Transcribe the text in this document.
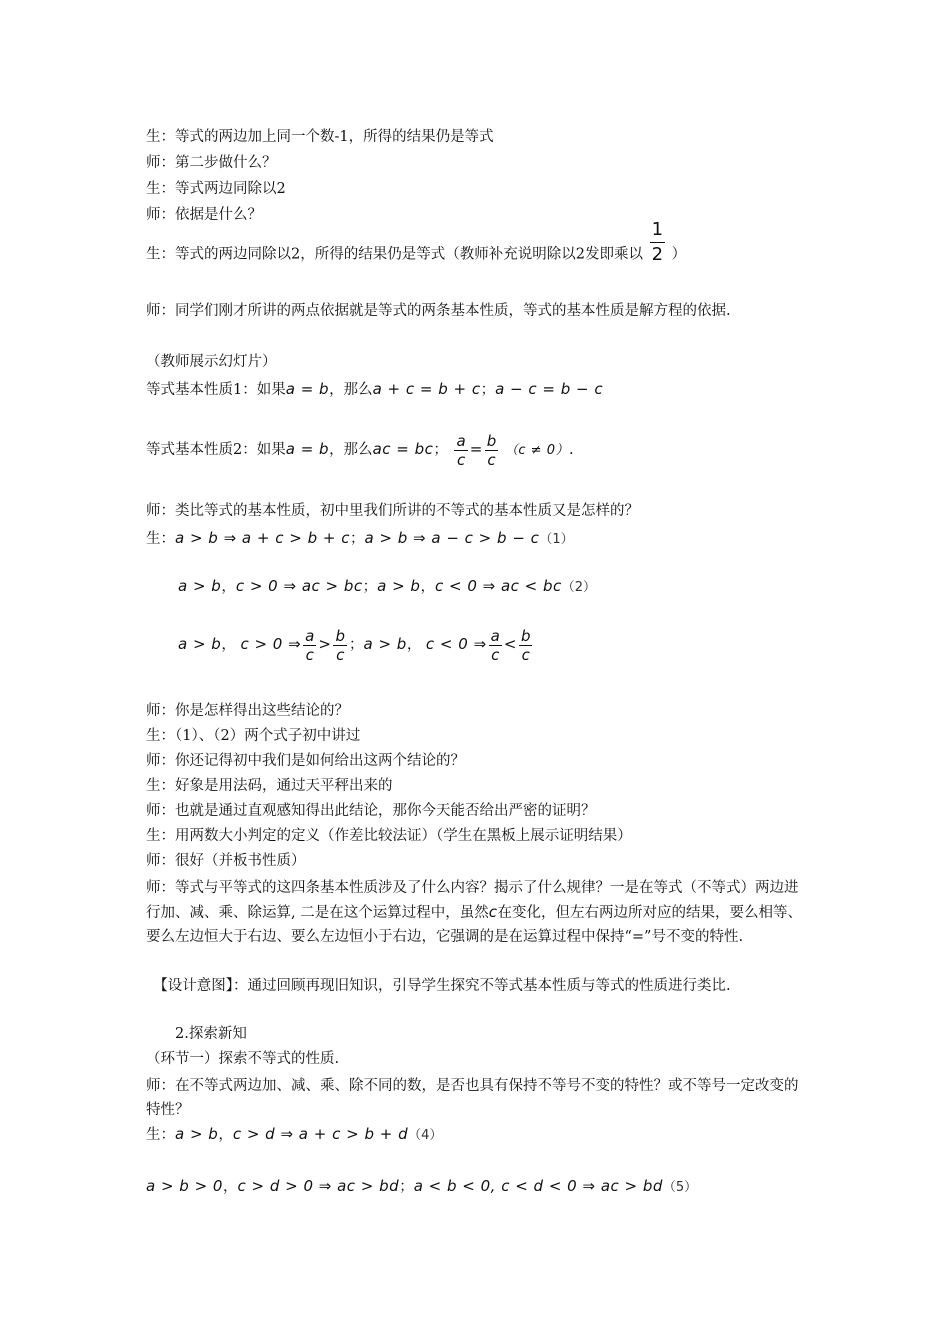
生：等式的两边加上同一个数-1，所得的结果仍是等式
师：第二步做什么？
生：等式两边同除以2
师：依据是什么？
生：等式的两边同除以2，所得的结果仍是等式（教师补充说明除以2发即乘以 $\frac{1}{2}$ ）
师：同学们刚才所讲的两点依据就是等式的两条基本性质，等式的基本性质是解方程的依据.
（教师展示幻灯片）
等式基本性质1：如果a = b，那么a + c = b + c；a − c = b − c
等式基本性质2：如果a = b，那么ac = bc； $\frac{a}{c} = \frac{b}{c} (c \ne 0)$.
师：类比等式的基本性质，初中里我们所讲的不等式的基本性质又是怎样的？
生：a > b ⇒ a + c > b + c；a > b ⇒ a − c > b − c（1）
a > b，c > 0 ⇒ ac > bc；a > b，c < 0 ⇒ ac < bc（2）
a > b， c > 0 ⇒ $\frac{a}{c} > \frac{b}{c}$ ；a > b， c < 0 ⇒ $\frac{a}{c} < \frac{b}{c}$
师：你是怎样得出这些结论的？
生：（1）、（2）两个式子初中讲过
师：你还记得初中我们是如何给出这两个结论的？
生：好象是用法码，通过天平秤出来的
师：也就是通过直观感知得出此结论，那你今天能否给出严密的证明？
生：用两数大小判定的定义（作差比较法证）（学生在黑板上展示证明结果）
师：很好（并板书性质）
师：等式与平等式的这四条基本性质涉及了什么内容？揭示了什么规律？一是在等式（不等式）两边进行加、减、乘、除运算, 二是在这个运算过程中，虽然c在变化，但左右两边所对应的结果，要么相等、要么左边恒大于右边、要么左边恒小于右边，它强调的是在运算过程中保持“=”号不变的特性.
　【设计意图】：通过回顾再现旧知识，引导学生探究不等式基本性质与等式的性质进行类比.
　　2.探索新知
（环节一）探索不等式的性质.
师：在不等式两边加、减、乘、除不同的数，是否也具有保持不等号不变的特性？或不等号一定改变的特性？
生：a > b，c > d ⇒ a + c > b + d（4）
a > b > 0，c > d > 0 ⇒ ac > bd；a < b < 0, c < d < 0 ⇒ ac > bd（5）
